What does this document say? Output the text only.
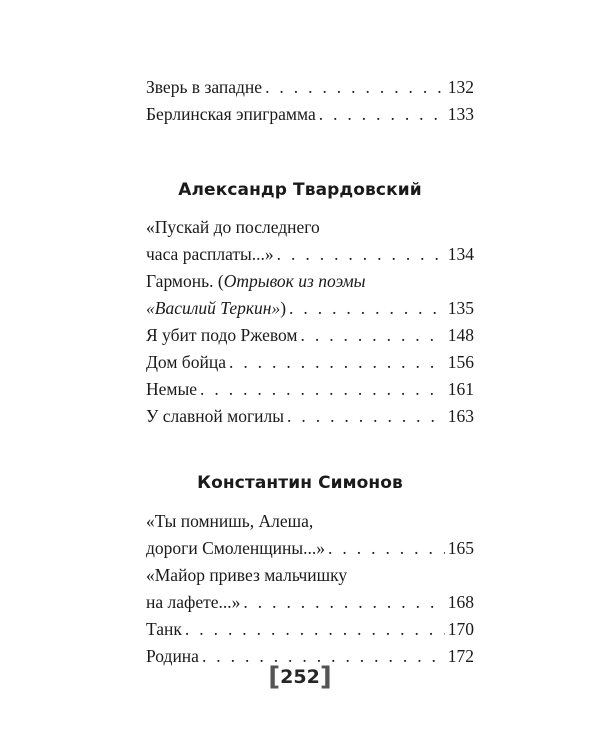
Зверь в западне . . .	132
Берлинская эпиграмма . . .	133
Александр Твардовский
«Пускай до последнего
часа расплаты...» . . .	134
Гармонь. (Отрывок из поэмы
«Василий Теркин») . . .	135
Я убит подо Ржевом . . .	148
Дом бойца . . .	156
Немые . . .	161
У славной могилы . . .	163
Константин Симонов
«Ты помнишь, Алеша,
дороги Смоленщины...» . . .	165
«Майор привез мальчишку
на лафете...» . . .	168
Танк . . .	170
Родина . . .	172
[252]
